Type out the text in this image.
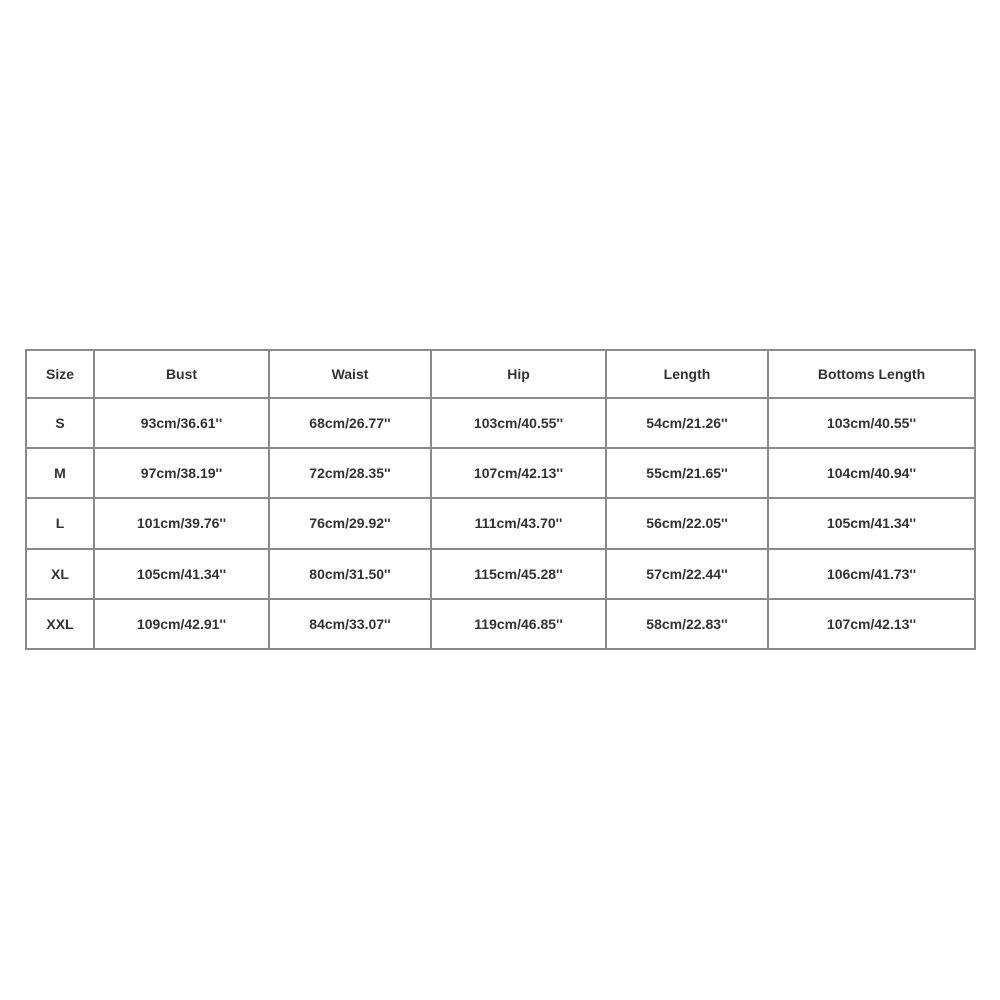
Size	Bust	Waist	Hip	Length	Bottoms Length
S	93cm/36.61''	68cm/26.77''	103cm/40.55''	54cm/21.26''	103cm/40.55''
M	97cm/38.19''	72cm/28.35''	107cm/42.13''	55cm/21.65''	104cm/40.94''
L	101cm/39.76''	76cm/29.92''	111cm/43.70''	56cm/22.05''	105cm/41.34''
XL	105cm/41.34''	80cm/31.50''	115cm/45.28''	57cm/22.44''	106cm/41.73''
XXL	109cm/42.91''	84cm/33.07''	119cm/46.85''	58cm/22.83''	107cm/42.13''
